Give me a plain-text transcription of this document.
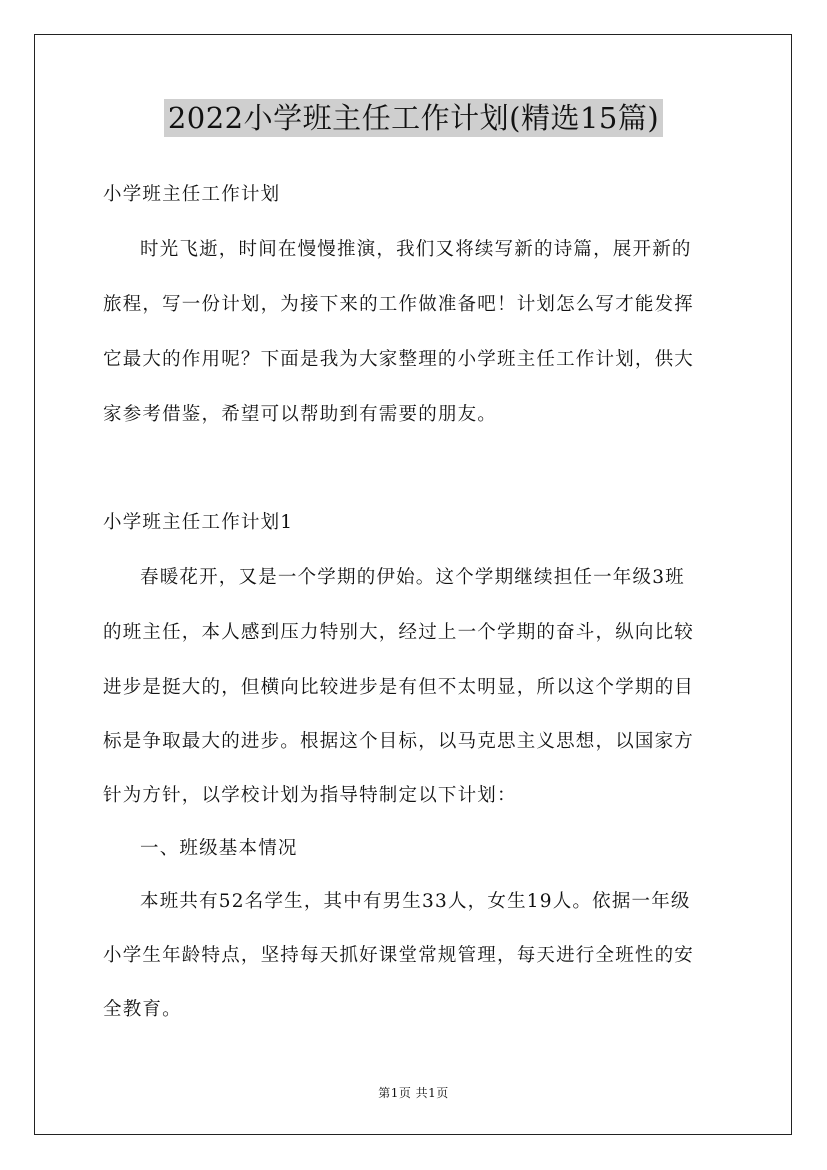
2022小学班主任工作计划(精选15篇)
小学班主任工作计划
时光飞逝，时间在慢慢推演，我们又将续写新的诗篇，展开新的
旅程，写一份计划，为接下来的工作做准备吧！计划怎么写才能发挥
它最大的作用呢？下面是我为大家整理的小学班主任工作计划，供大
家参考借鉴，希望可以帮助到有需要的朋友。
小学班主任工作计划1
春暖花开，又是一个学期的伊始。这个学期继续担任一年级3班
的班主任，本人感到压力特别大，经过上一个学期的奋斗，纵向比较
进步是挺大的，但横向比较进步是有但不太明显，所以这个学期的目
标是争取最大的进步。根据这个目标，以马克思主义思想，以国家方
针为方针，以学校计划为指导特制定以下计划：
一、班级基本情况
本班共有52名学生，其中有男生33人，女生19人。依据一年级
小学生年龄特点，坚持每天抓好课堂常规管理，每天进行全班性的安
全教育。
第1页 共1页
